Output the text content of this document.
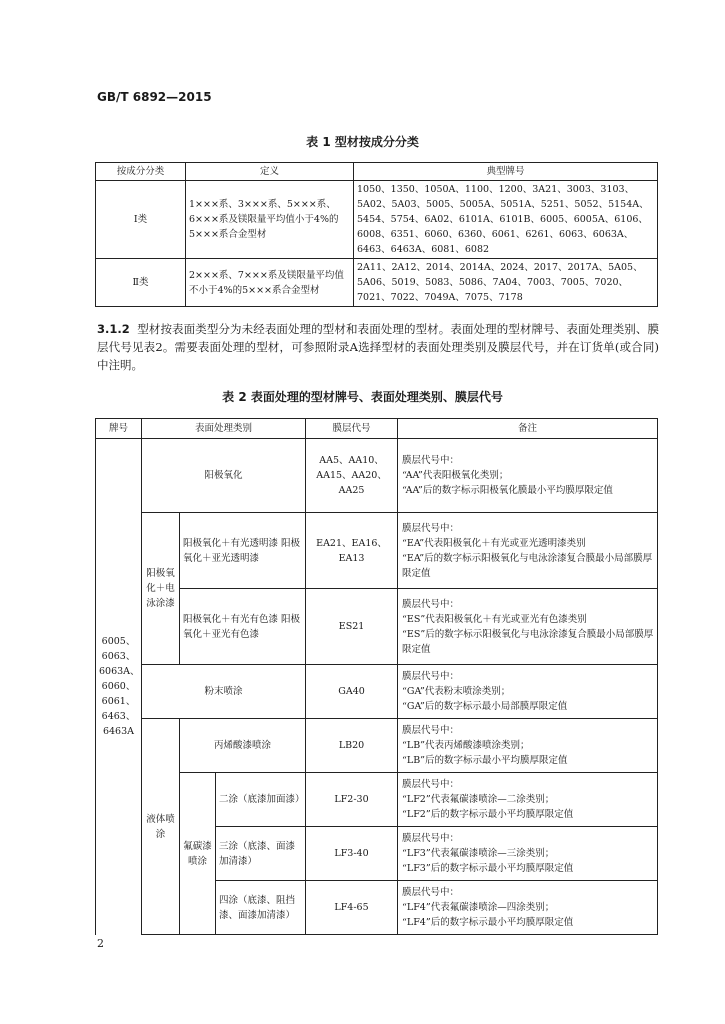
GB/T 6892—2015
表 1 型材按成分分类
按成分分类	定义	典型牌号
Ⅰ类	1×××系、3×××系、5×××系、6×××系及镁限量平均值小于4%的5×××系合金型材	1050、1350、1050A、1100、1200、3A21、3003、3103、5A02、5A03、5005、5005A、5051A、5251、5052、5154A、5454、5754、6A02、6101A、6101B、6005、6005A、6106、6008、6351、6060、6360、6061、6261、6063、6063A、6463、6463A、6081、6082
Ⅱ类	2×××系、7×××系及镁限量平均值不小于4%的5×××系合金型材	2A11、2A12、2014、2014A、2024、2017、2017A、5A05、5A06、5019、5083、5086、7A04、7003、7005、7020、7021、7022、7049A、7075、7178
3.1.2 型材按表面类型分为未经表面处理的型材和表面处理的型材。表面处理的型材牌号、表面处理类别、膜层代号见表2。需要表面处理的型材，可参照附录A选择型材的表面处理类别及膜层代号，并在订货单(或合同)中注明。
表 2 表面处理的型材牌号、表面处理类别、膜层代号
牌号	表面处理类别			膜层代号	备注
6005、6063、6063A、6060、6061、6463、6463A	阳极氧化			AA5、AA10、AA15、AA20、AA25	膜层代号中：
“AA”代表阳极氧化类别；
“AA”后的数字标示阳极氧化膜最小平均膜厚限定值

	阳极氧化＋电泳涂漆	阳极氧化＋有光透明漆 阳极氧化＋亚光透明漆		EA21、EA16、EA13	膜层代号中：
“EA”代表阳极氧化＋有光或亚光透明漆类别
“EA”后的数字标示阳极氧化与电泳涂漆复合膜最小局部膜厚限定值

		阳极氧化＋有光有色漆 阳极氧化＋亚光有色漆		ES21	膜层代号中：
“ES”代表阳极氧化＋有光或亚光有色漆类别
“ES”后的数字标示阳极氧化与电泳涂漆复合膜最小局部膜厚限定值

	粉末喷涂			GA40	膜层代号中：
“GA”代表粉末喷涂类别；
“GA”后的数字标示最小局部膜厚限定值

	液体喷涂	丙烯酸漆喷涂		LB20	膜层代号中：
“LB”代表丙烯酸漆喷涂类别；
“LB”后的数字标示最小平均膜厚限定值

		氟碳漆喷涂	二涂（底漆加面漆）	LF2-30	膜层代号中：
“LF2”代表氟碳漆喷涂—二涂类别；
“LF2”后的数字标示最小平均膜厚限定值

			三涂（底漆、面漆加清漆）	LF3-40	膜层代号中：
“LF3”代表氟碳漆喷涂—三涂类别；
“LF3”后的数字标示最小平均膜厚限定值

			四涂（底漆、阻挡漆、面漆加清漆）	LF4-65	膜层代号中：
“LF4”代表氟碳漆喷涂—四涂类别；
“LF4”后的数字标示最小平均膜厚限定值
2
